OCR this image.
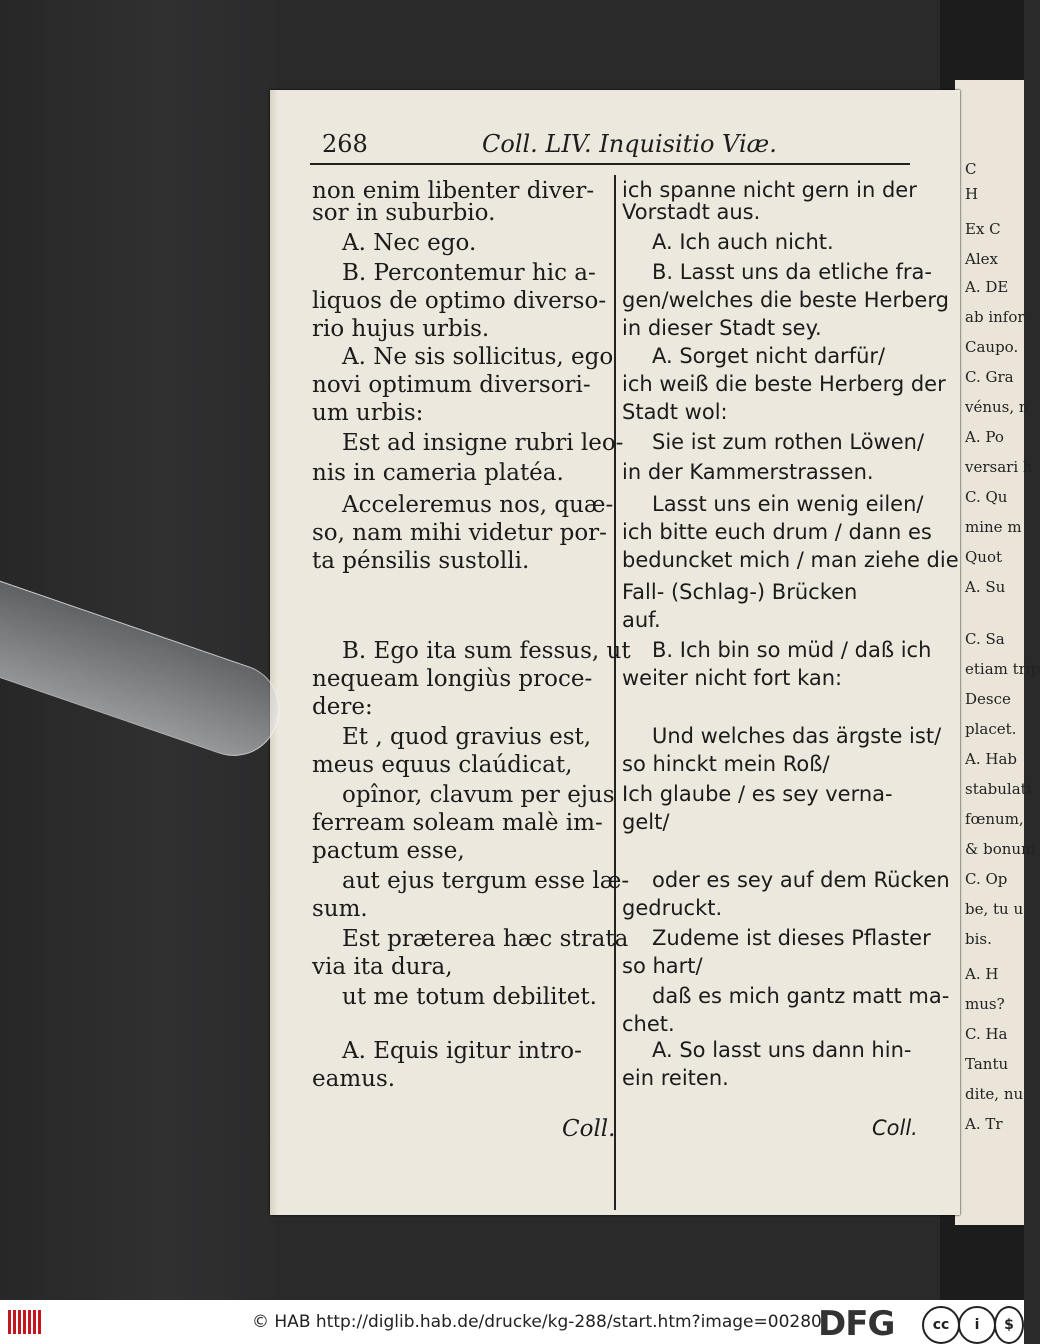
C
H
Ex C
Alex
A. DE
ab infor
Caupo.
C. Gra
vénus, n
A. Po
versari h
C. Qu
mine m
Quot
A. Su
C. Sa
etiam trip
Desce
placet.
A. Hab
stabulati
fœnum,
& bonum
C. Op
be, tu u
bis.
A. H
mus?
C. Ha
Tantu
dite, nu
A. Tr
268	Coll. LIV. Inquisitio Viæ.
non enim libenter diver-
sor in suburbio.
A. Nec ego.
B. Percontemur hic a-
liquos de optimo diverso-
rio hujus urbis.
A. Ne sis sollicitus, ego
novi optimum diversori-
um urbis:
Est ad insigne rubri leo-
nis in cameria platéa.
Acceleremus nos, quæ-
so, nam mihi videtur por-
ta pénsilis sustolli.
B. Ego ita sum fessus, ut
nequeam longiùs proce-
dere:
Et , quod gravius est,
meus equus claúdicat,
opînor, clavum per ejus
ferream soleam malè im-
pactum esse,
aut ejus tergum esse læ-
sum.
Est præterea hæc strata
via ita dura,
ut me totum debilitet.
A. Equis igitur intro-
eamus.
Coll.
ich spanne nicht gern in der
Vorstadt aus.
A. Ich auch nicht.
B. Lasst uns da etliche fra-
gen/welches die beste Herberg
in dieser Stadt sey.
A. Sorget nicht darfür/
ich weiß die beste Herberg der
Stadt wol:
Sie ist zum rothen Löwen/
in der Kammerstrassen.
Lasst uns ein wenig eilen/
ich bitte euch drum / dann es
beduncket mich / man ziehe die
Fall- (Schlag-) Brücken
auf.
B. Ich bin so müd / daß ich
weiter nicht fort kan:
Und welches das ärgste ist/
so hinckt mein Roß/
Ich glaube / es sey verna-
gelt/
oder es sey auf dem Rücken
gedruckt.
Zudeme ist dieses Pflaster
so hart/
daß es mich gantz matt ma-
chet.
A. So lasst uns dann hin-
ein reiten.
Coll.
© HAB http://diglib.hab.de/drucke/kg-288/start.htm?image=00280
DFG	cc	i	$
